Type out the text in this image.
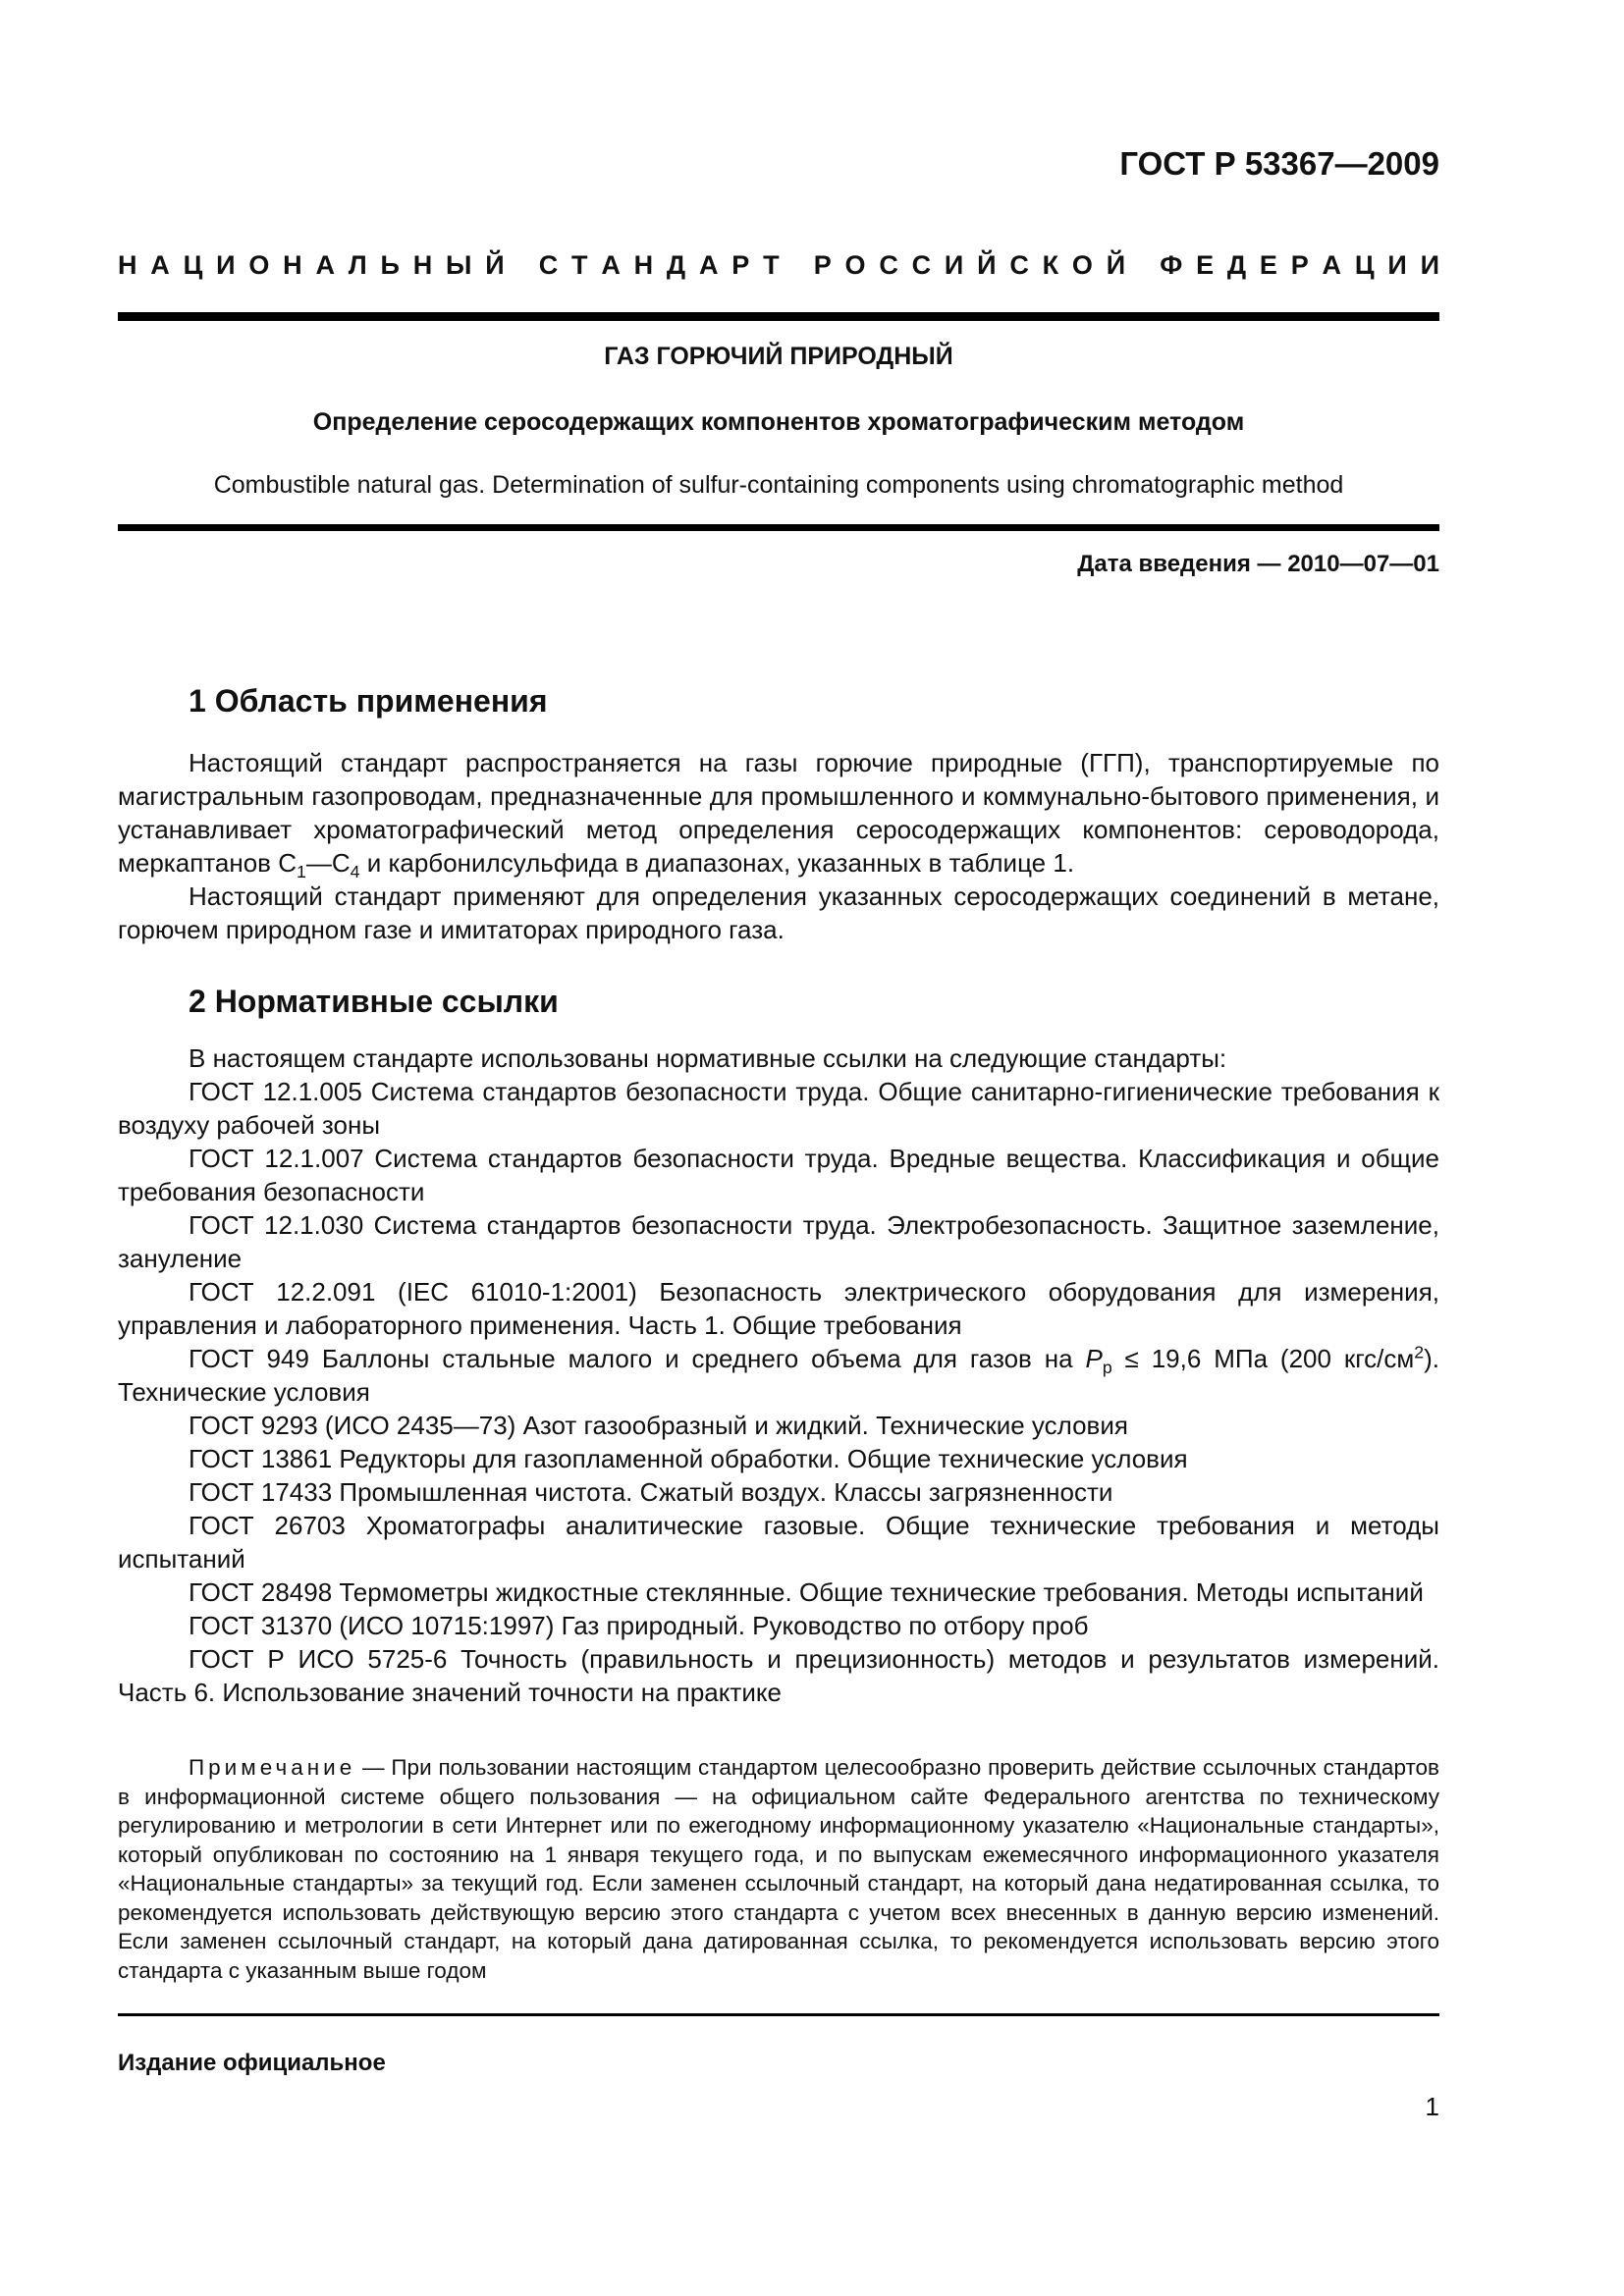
ГОСТ Р 53367—2009
Н А Ц И О Н А Л Ь Н Ы Й
С Т А Н Д А Р Т
Р О С С И Й С К О Й
Ф Е Д Е Р А Ц И И
ГАЗ ГОРЮЧИЙ ПРИРОДНЫЙ
Определение серосодержащих компонентов хроматографическим методом
Combustible natural gas. Determination of sulfur-containing components using chromatographic method
Дата введения — 2010—07—01
1 Область применения

Настоящий стандарт распространяется на газы горючие природные (ГГП), транспортируемые по магистральным газопроводам, предназначенные для промышленного и коммунально-бытового применения, и устанавливает хроматографический метод определения серосодержащих компонентов: сероводорода, меркаптанов $C_1—C_4$ и карбонилсульфида в диапазонах, указанных в таблице 1.

Настоящий стандарт применяют для определения указанных серосодержащих соединений в метане, горючем природном газе и имитаторах природного газа.

2 Нормативные ссылки

В настоящем стандарте использованы нормативные ссылки на следующие стандарты:

ГОСТ 12.1.005 Система стандартов безопасности труда. Общие санитарно-гигиенические требования к воздуху рабочей зоны
ГОСТ 12.1.007 Система стандартов безопасности труда. Вредные вещества. Классификация и общие требования безопасности
ГОСТ 12.1.030 Система стандартов безопасности труда. Электробезопасность. Защитное заземление, зануление
ГОСТ 12.2.091 (IEC 61010-1:2001) Безопасность электрического оборудования для измерения, управления и лабораторного применения. Часть 1. Общие требования
ГОСТ 949 Баллоны стальные малого и среднего объема для газов на $P_р \le 19,6$ МПа (200 кгс/$см^2$). Технические условия
ГОСТ 9293 (ИСО 2435—73) Азот газообразный и жидкий. Технические условия
ГОСТ 13861 Редукторы для газопламенной обработки. Общие технические условия
ГОСТ 17433 Промышленная чистота. Сжатый воздух. Классы загрязненности
ГОСТ 26703 Хроматографы аналитические газовые. Общие технические требования и методы испытаний
ГОСТ 28498 Термометры жидкостные стеклянные. Общие технические требования. Методы испытаний
ГОСТ 31370 (ИСО 10715:1997) Газ природный. Руководство по отбору проб
ГОСТ Р ИСО 5725-6 Точность (правильность и прецизионность) методов и результатов измерений. Часть 6. Использование значений точности на практике
Примечание — При пользовании настоящим стандартом целесообразно проверить действие ссылочных стандартов в информационной системе общего пользования — на официальном сайте Федерального агентства по техническому регулированию и метрологии в сети Интернет или по ежегодному информационному указателю «Национальные стандарты», который опубликован по состоянию на 1 января текущего года, и по выпускам ежемесячного информационного указателя «Национальные стандарты» за текущий год. Если заменен ссылочный стандарт, на который дана недатированная ссылка, то рекомендуется использовать действующую версию этого стандарта с учетом всех внесенных в данную версию изменений. Если заменен ссылочный стандарт, на который дана датированная ссылка, то рекомендуется использовать версию этого стандарта с указанным выше годом
Издание официальное
1
